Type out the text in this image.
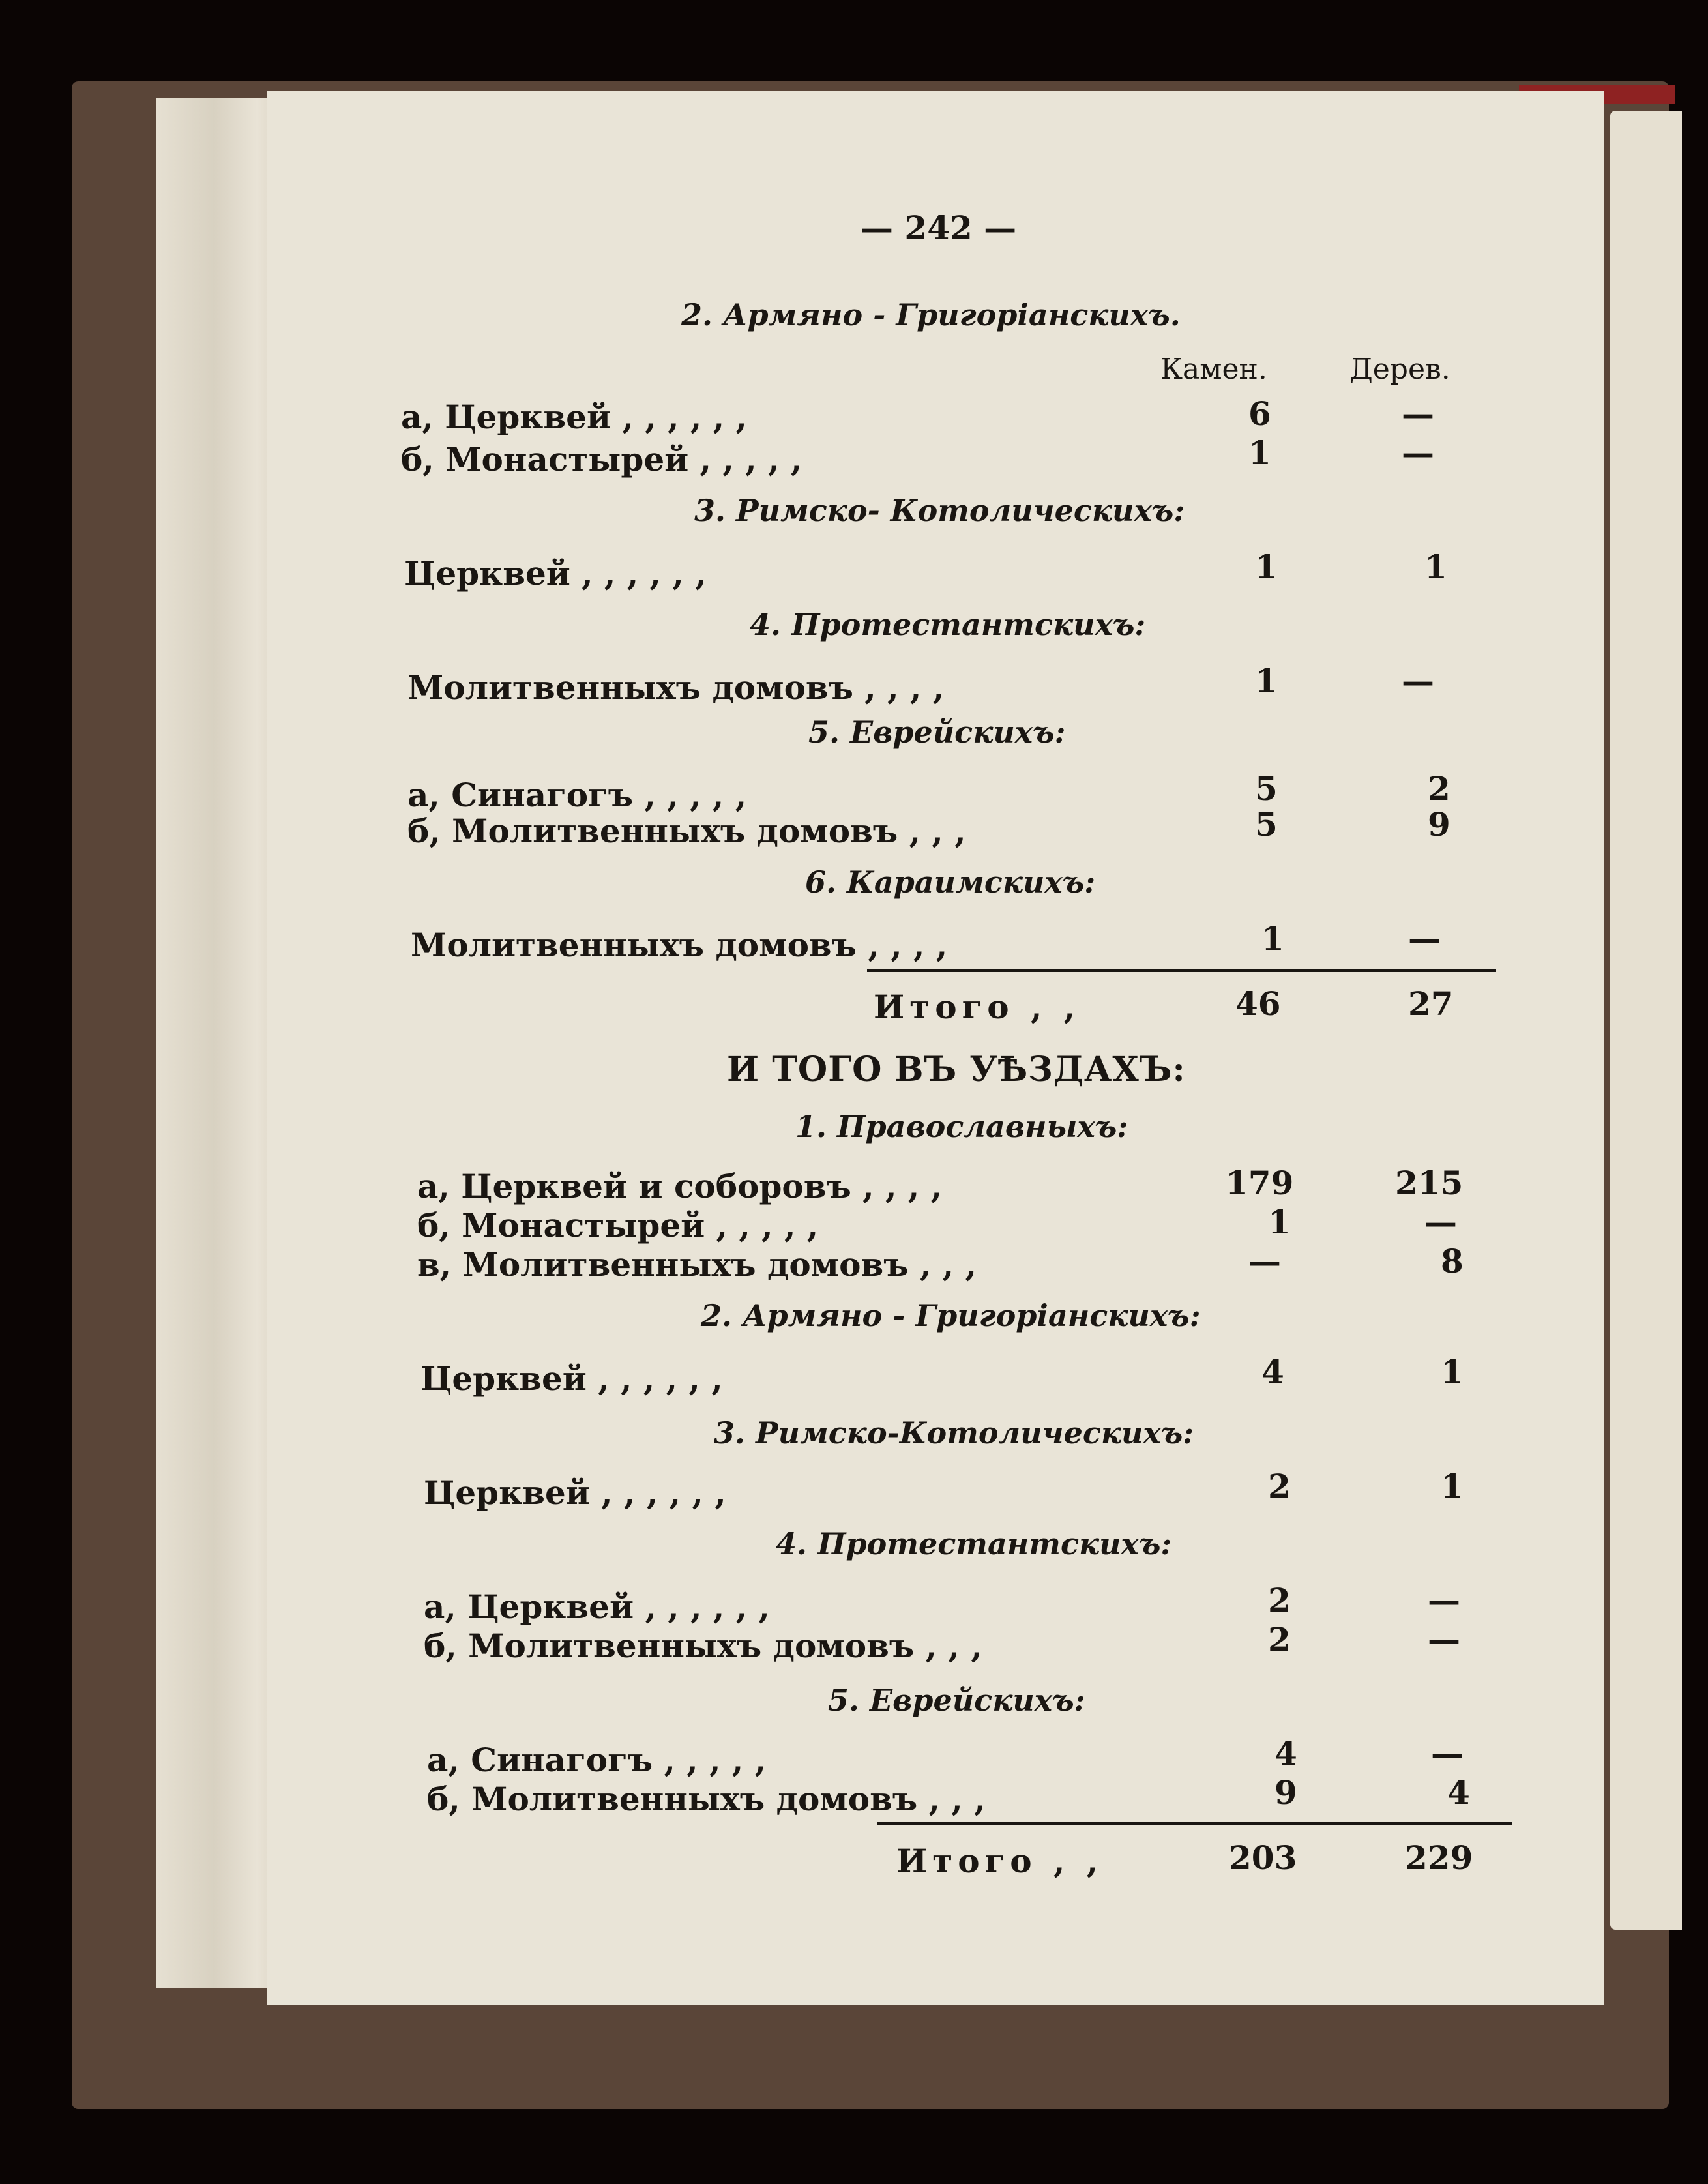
— 242 —
2. Армяно - Григоріанскихъ.
Камен.	Дерев.
а, Церквей , , , , , ,	6	—
б, Монастырей , , , , ,	1	—
3. Римско- Котолическихъ:
Церквей , , , , , ,	1	1
4. Протестантскихъ:
Молитвенныхъ домовъ , , , ,	1	—
5. Еврейскихъ:
а, Синагогъ , , , , ,	5	2
б, Молитвенныхъ домовъ , , ,	5	9
6. Караимскихъ:
Молитвенныхъ домовъ , , , ,	1	—
Итого , ,	46	27
И ТОГО ВЪ УѢЗДАХЪ:
1. Православныхъ:
а, Церквей и соборовъ , , , ,	179	215
б, Монастырей , , , , ,	1	—
в, Молитвенныхъ домовъ , , ,	—	8
2. Армяно - Григоріанскихъ:
Церквей , , , , , ,	4	1
3. Римско-Котолическихъ:
Церквей , , , , , ,	2	1
4. Протестантскихъ:
а, Церквей , , , , , ,	2	—
б, Молитвенныхъ домовъ , , ,	2	—
5. Еврейскихъ:
а, Синагогъ , , , , ,	4	—
б, Молитвенныхъ домовъ , , ,	9	4
Итого , ,	203	229
